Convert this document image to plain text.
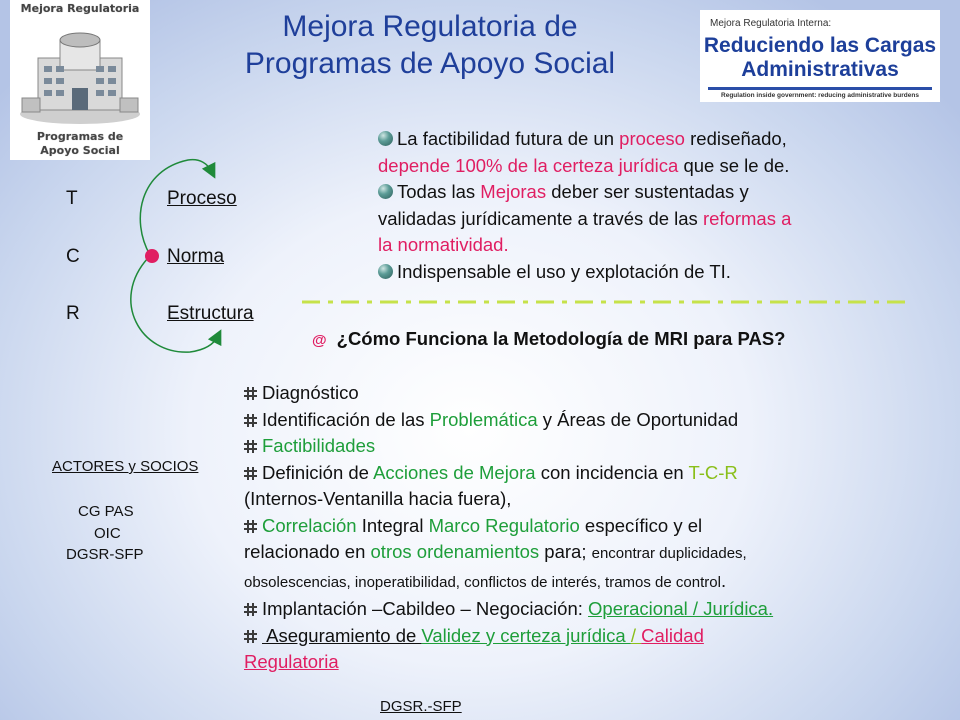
Mejora Regulatoria
Programas de
Apoyo Social
Mejora Regulatoria de
Programas de Apoyo Social
Mejora Regulatoria Interna:
Reduciendo las Cargas
Administrativas
Regulation inside government: reducing administrative burdens
T
C
R
Proceso
Norma
Estructura
La factibilidad futura de un proceso rediseñado,
depende 100% de la certeza jurídica que se le de.
Todas las Mejoras deber ser sustentadas y
validadas jurídicamente a través de las reformas a
la normatividad.
Indispensable el uso y explotación de TI.
@ ¿Cómo Funciona la Metodología de MRI para PAS?
Diagnóstico
Identificación de las Problemática y Áreas de Oportunidad
Factibilidades
Definición de Acciones de Mejora con incidencia en T-C-R
(Internos-Ventanilla hacia fuera),
Correlación Integral Marco Regulatorio específico y el
relacionado en otros ordenamientos para; encontrar duplicidades,
obsolescencias, inoperatibilidad, conflictos de interés, tramos de control.
Implantación –Cabildeo – Negociación: Operacional / Jurídica.
Aseguramiento de Validez y certeza jurídica / Calidad
Regulatoria
ACTORES y SOCIOS
CG PAS
OIC
DGSR-SFP
DGSR.-SFP
